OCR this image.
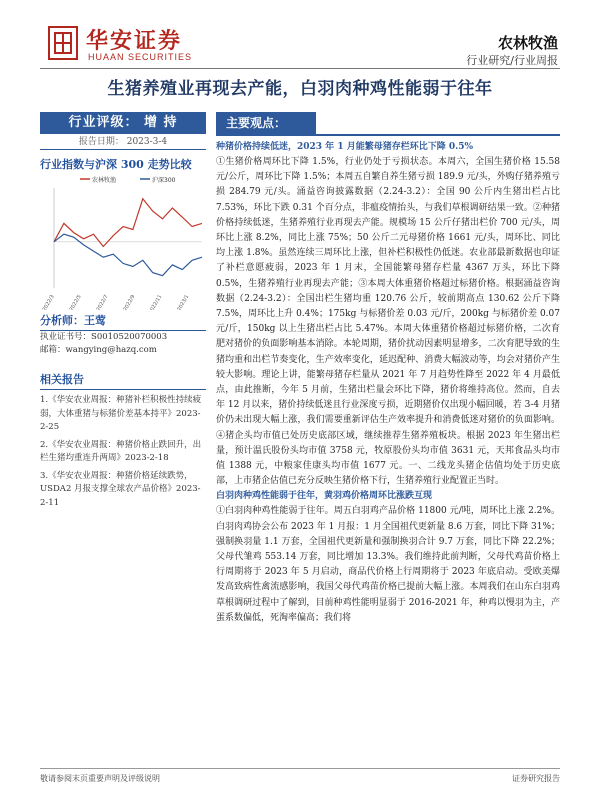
华安证券
HUAAN SECURITIES
农林牧渔
行业研究/行业周报
生猪养殖业再现去产能，白羽肉种鸡性能弱于往年
行业评级： 增 持
报告日期： 2023-3-4
行业指数与沪深 300 走势比较
农林牧渔	沪深300
2022/3	2022/5	2022/7	2022/9 2022/11	2023/1
分析师：王莺
执业证书号：S0010520070003
邮箱：wangying@hazq.com
相关报告
1.《华安农业周报：种猪补栏积极性持续疲弱，大体重猪与标猪价差基本持平》2023-2-25
2.《华安农业周报：种猪价格止跌回升，出栏生猪均重连升两周》2023-2-18
3.《华安农业周报：种猪价格延续跌势，USDA2 月报支撑全球农产品价格》2023-2-11
主要观点：
种猪价格持续低迷，2023 年 1 月能繁母猪存栏环比下降 0.5%
①生猪价格周环比下降 1.5%，行业仍处于亏损状态。本周六，全国生猪价格 15.58 元/公斤，周环比下降 1.5%；本周五自繁自养生猪亏损 189.9 元/头，外购仔猪养殖亏损 284.79 元/头。涌益咨询披露数据（2.24-3.2）：全国 90 公斤内生猪出栏占比 7.53%，环比下跌 0.31 个百分点，非瘟疫情抬头，与我们草根调研结果一致。②种猪价格持续低迷，生猪养殖行业再现去产能。规模场 15 公斤仔猪出栏价 700 元/头，周环比上涨 8.2%，同比上涨 75%；50 公斤二元母猪价格 1661 元/头，周环比、同比均上涨 1.8%。虽然连续三周环比上涨，但补栏积极性仍低迷。农业部最新数据也印证了补栏意愿疲弱，2023 年 1 月末，全国能繁母猪存栏量 4367 万头，环比下降 0.5%，生猪养殖行业再现去产能；③本周大体重猪价格超过标猪价格。根据涌益咨询数据（2.24-3.2）：全国出栏生猪均重 120.76 公斤，较前期高点 130.62 公斤下降 7.5%，周环比上升 0.4%；175kg 与标猪价差 0.03 元/斤，200kg 与标猪价差 0.07 元/斤，150kg 以上生猪出栏占比 5.47%。本周大体重猪价格超过标猪价格，二次育肥对猪价的负面影响基本消除。本轮周期，猪价扰动因素明显增多，二次育肥导致的生猪均重和出栏节奏变化，生产效率变化，延迟配种、消费大幅波动等，均会对猪价产生较大影响。理论上讲，能繁母猪存栏量从 2021 年 7 月趋势性降至 2022 年 4 月最低点，由此推断，今年 5 月前，生猪出栏量会环比下降，猪价将维持高位。然而，自去年 12 月以来，猪价持续低迷且行业深度亏损，近期猪价仅出现小幅回暖，若 3-4 月猪价仍未出现大幅上涨，我们需要重新评估生产效率提升和消费低迷对猪价的负面影响。④猪企头均市值已处历史底部区域，继续推荐生猪养殖板块。根据 2023 年生猪出栏量，预计温氏股份头均市值 3758 元，牧原股份头均市值 3631 元，天邦食品头均市值 1388 元，中粮家佳康头均市值 1677 元。一、二线龙头猪企估值均处于历史底部，上市猪企估值已充分反映生猪价格下行，生猪养殖行业配置正当时。
白羽肉种鸡性能弱于往年，黄羽鸡价格周环比涨跌互现
①白羽肉种鸡性能弱于往年。周五白羽鸡产品价格 11800 元/吨，周环比上涨 2.2%。白羽肉鸡协会公布 2023 年 1 月报：1 月全国祖代更新量 8.6 万套，同比下降 31%；强制换羽量 1.1 万套，全国祖代更新量和强制换羽合计 9.7 万套，同比下降 22.2%；父母代雏鸡 553.14 万套，同比增加 13.3%。我们维持此前判断，父母代鸡苗价格上行周期将于 2023 年 5 月启动，商品代价格上行周期将于 2023 年底启动。受欧美爆发高致病性禽流感影响，我国父母代鸡苗价格已提前大幅上涨。本周我们在山东白羽鸡草根调研过程中了解到，目前种鸡性能明显弱于 2016-2021 年，种鸡以慢羽为主，产蛋系数偏低，死淘率偏高；我们将
敬请参阅末页重要声明及评级说明	证券研究报告
